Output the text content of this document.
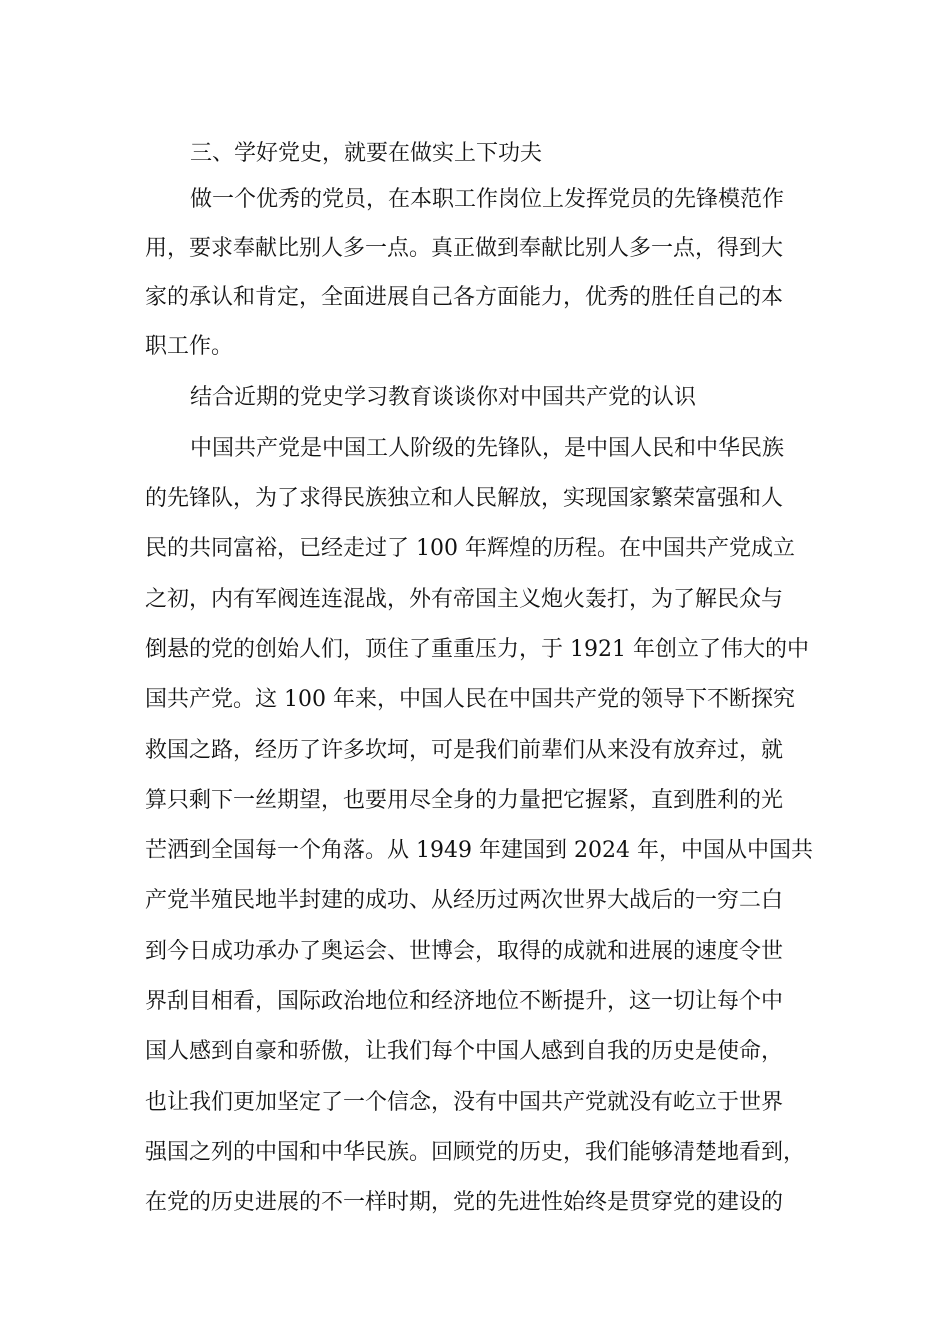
三、学好党史，就要在做实上下功夫
做一个优秀的党员，在本职工作岗位上发挥党员的先锋模范作
用，要求奉献比别人多一点。真正做到奉献比别人多一点，得到大
家的承认和肯定，全面进展自己各方面能力，优秀的胜任自己的本
职工作。
结合近期的党史学习教育谈谈你对中国共产党的认识
中国共产党是中国工人阶级的先锋队，是中国人民和中华民族
的先锋队，为了求得民族独立和人民解放，实现国家繁荣富强和人
民的共同富裕，已经走过了 100 年辉煌的历程。在中国共产党成立
之初，内有军阀连连混战，外有帝国主义炮火轰打，为了解民众与
倒悬的党的创始人们，顶住了重重压力，于 1921 年创立了伟大的中
国共产党。这 100 年来，中国人民在中国共产党的领导下不断探究
救国之路，经历了许多坎坷，可是我们前辈们从来没有放弃过，就
算只剩下一丝期望，也要用尽全身的力量把它握紧，直到胜利的光
芒洒到全国每一个角落。从 1949 年建国到 2024 年，中国从中国共
产党半殖民地半封建的成功、从经历过两次世界大战后的一穷二白
到今日成功承办了奥运会、世博会，取得的成就和进展的速度令世
界刮目相看，国际政治地位和经济地位不断提升，这一切让每个中
国人感到自豪和骄傲，让我们每个中国人感到自我的历史是使命，
也让我们更加坚定了一个信念，没有中国共产党就没有屹立于世界
强国之列的中国和中华民族。回顾党的历史，我们能够清楚地看到，
在党的历史进展的不一样时期，党的先进性始终是贯穿党的建设的
